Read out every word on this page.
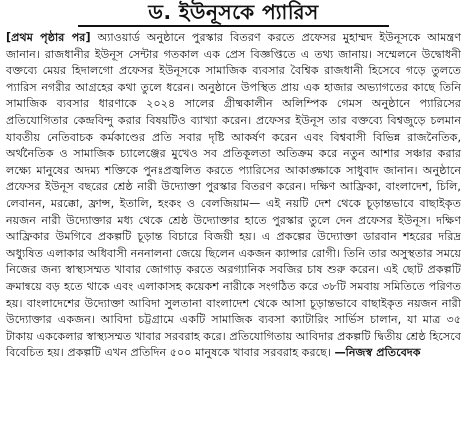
ড. ইউনূসকে প্যারিস
[প্রথম পৃষ্ঠার পর] অ্যাওয়ার্ড অনুষ্ঠানে পুরস্কার বিতরণ করতে প্রফেসর মুহাম্মদ ইউনূসকে আমন্ত্রণ জানান। রাজধানীর ইউনূস সেন্টার গতকাল এক প্রেস বিজ্ঞপ্তিতে এ তথ্য জানায়। সম্মেলনে উদ্বোধনী বক্তব্যে মেয়র হিদালগো প্রফেসর ইউনূসকে সামাজিক ব্যবসার বৈশ্বিক রাজধানী হিসেবে গড়ে তুলতে প্যারিস নগরীর আগ্রহের কথা তুলে ধরেন। অনুষ্ঠানে উপস্থিত প্রায় এক হাজার অভ্যাগতের কাছে তিনি সামাজিক ব্যবসার ধারণাকে ২০২৪ সালের গ্রীষ্মকালীন অলিম্পিক গেমস অনুষ্ঠানে প্যারিসের প্রতিযোগিতার কেন্দ্রবিন্দু করার বিষয়টিও ব্যাখ্যা করেন। প্রফেসর ইউনূস তার বক্তব্যে বিশ্বজুড়ে চলমান যাবতীয় নেতিবাচক কর্মকাণ্ডের প্রতি সবার দৃষ্টি আকর্ষণ করেন এবং বিশ্ববাসী বিভিন্ন রাজনৈতিক, অর্থনৈতিক ও সামাজিক চ্যালেঞ্জের মুখেও সব প্রতিকূলতা অতিক্রম করে নতুন আশার সঞ্চার করার লক্ষ্যে মানুষের অদম্য শক্তিকে পুনঃপ্রজ্বলিত করতে প্যারিসের আকাঙ্ক্ষাকে সাধুবাদ জানান। অনুষ্ঠানে প্রফেসর ইউনূস বছরের শ্রেষ্ঠ নারী উদ্যোক্তা পুরস্কার বিতরণ করেন। দক্ষিণ আফ্রিকা, বাংলাদেশ, চিলি, লেবানন, মরক্কো, ফ্রান্স, ইতালি, হংকং ও বেলজিয়াম— এই নয়টি দেশ থেকে চূড়ান্তভাবে বাছাইকৃত নয়জন নারী উদ্যোক্তার মধ্য থেকে শ্রেষ্ঠ উদ্যোক্তার হাতে পুরস্কার তুলে দেন প্রফেসর ইউনূস। দক্ষিণ আফ্রিকার উমগিবে প্রকল্পটি চূড়ান্ত বিচারে বিজয়ী হয়। এ প্রকল্পের উদ্যোক্তা ডারবান শহরের দরিদ্র অধ্যুষিত এলাকার অধিবাসী নননালনা জেয়ে ছিলেন একজন ক্যান্সার রোগী। তিনি তার অসুস্থতার সময়ে নিজের জন্য স্বাস্থ্যসম্মত খাবার জোগাড় করতে অরগ্যানিক সবজির চাষ শুরু করেন। এই ছোট প্রকল্পটি ক্রমান্বয়ে বড় হতে থাকে এবং এলাকাসহ কয়েকশ নারীকে সংগঠিত করে ৩৮টি সমবায় সমিতিতে পরিণত হয়। বাংলাদেশের উদ্যোক্তা আবিদা সুলতানা বাংলাদেশ থেকে আসা চূড়ান্তভাবে বাছাইকৃত নয়জন নারী উদ্যোক্তার একজন। আবিদা চট্টগ্রামে একটি সামাজিক ব্যবসা ক্যাটারিং সার্ভিস চালান, যা মাত্র ৩৫ টাকায় এককেলার স্বাস্থ্যসম্মত খাবার সরবরাহ করে। প্রতিযোগিতায় আবিদার প্রকল্পটি দ্বিতীয় শ্রেষ্ঠ হিসেবে বিবেচিত হয়। প্রকল্পটি এখন প্রতিদিন ৫০০ মানুষকে খাবার সরবরাহ করছে। —নিজস্ব প্রতিবেদক
